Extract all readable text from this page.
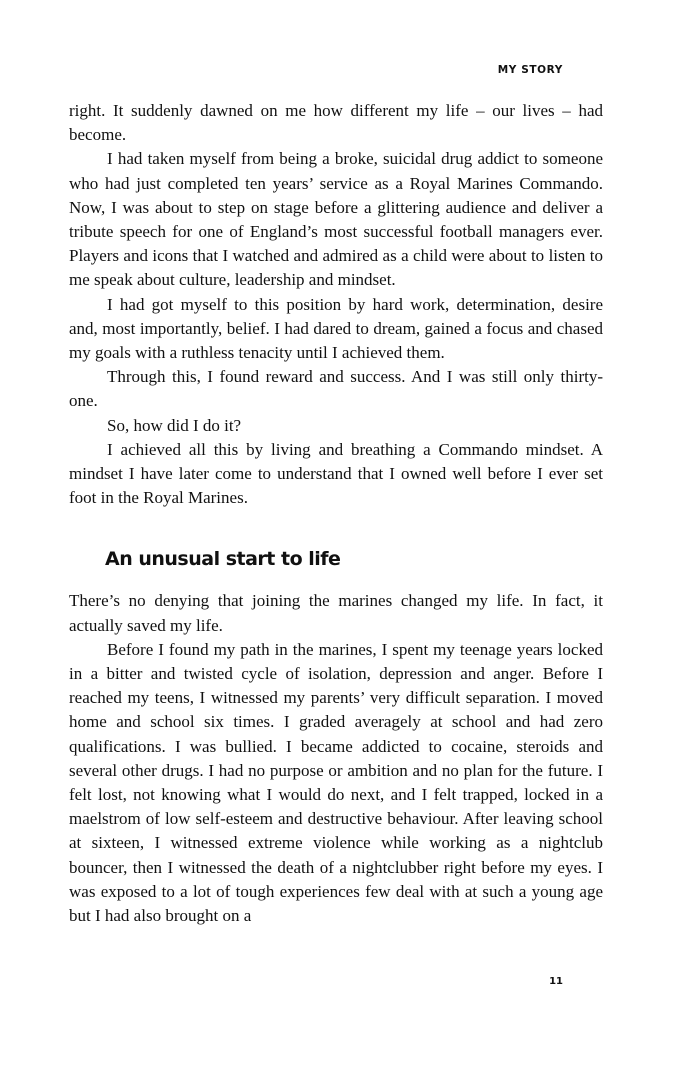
MY STORY

right. It suddenly dawned on me how different my life – our lives – had become.

I had taken myself from being a broke, suicidal drug addict to someone who had just completed ten years’ service as a Royal Marines Commando. Now, I was about to step on stage before a glittering audience and deliver a tribute speech for one of England’s most successful football managers ever. Players and icons that I watched and admired as a child were about to listen to me speak about culture, leadership and mindset.

I had got myself to this position by hard work, determination, desire and, most importantly, belief. I had dared to dream, gained a focus and chased my goals with a ruthless tenacity until I achieved them.

Through this, I found reward and success. And I was still only thirty-one.

So, how did I do it?

I achieved all this by living and breathing a Commando mindset. A mindset I have later come to understand that I owned well before I ever set foot in the Royal Marines.

An unusual start to life

There’s no denying that joining the marines changed my life. In fact, it actually saved my life.

Before I found my path in the marines, I spent my teenage years locked in a bitter and twisted cycle of isolation, depression and anger. Before I reached my teens, I witnessed my parents’ very difficult separation. I moved home and school six times. I graded averagely at school and had zero qualifications. I was bullied. I became addicted to cocaine, steroids and several other drugs. I had no purpose or ambition and no plan for the future. I felt lost, not knowing what I would do next, and I felt trapped, locked in a maelstrom of low self-esteem and destructive behaviour. After leaving school at sixteen, I witnessed extreme violence while working as a nightclub bouncer, then I witnessed the death of a nightclubber right before my eyes. I was exposed to a lot of tough experiences few deal with at such a young age but I had also brought on a

11
